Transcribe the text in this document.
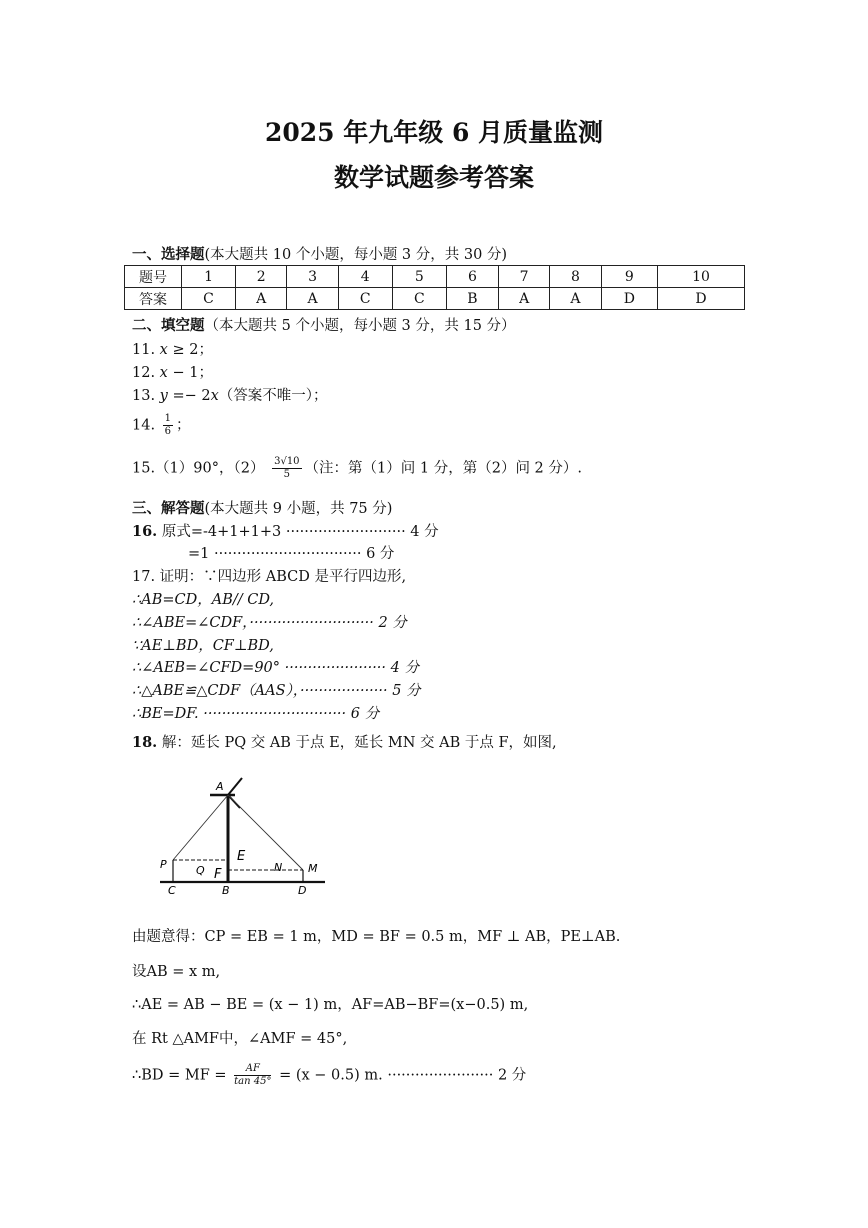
2025 年九年级 6 月质量监测
数学试题参考答案
一、选择题(本大题共 10 个小题，每小题 3 分，共 30 分)
题号	1	2	3	4	5	6	7	8	9	10
答案	C	A	A	C	C	B	A	A	D	D
二、填空题（本大题共 5 个小题，每小题 3 分，共 15 分）
11. 𝑥 ≥ 2；
12. 𝑥 − 1；
13. 𝑦 =− 2𝑥（答案不唯一）；
14. $\frac{1}{6}$ ；
15.（1）90°，$(2) \frac{3√10}{5}$ （注：第（1）问 1 分，第（2）问 2 分）.
三、解答题(本大题共 9 小题，共 75 分)
16. 原式=-4+1+1+3 ·························· 4 分
=1 ································ 6 分
17. 证明：∵四边形 ABCD 是平行四边形,
∴AB=CD，AB// CD,
∴∠ABE=∠CDF，··························· 2 分
∵AE⊥BD，CF⊥BD,
∴∠AEB=∠CFD=90° ······················ 4 分
∴△ABE≌△CDF（AAS），··················· 5 分
∴BE=DF. ······························· 6 分
18. 解：延长 PQ 交 AB 于点 E，延长 MN 交 AB 于点 F，如图,
A
P	Q
E
F	N M
C	B	D
由题意得：CP = EB = 1 m，MD = BF = 0.5 m，MF ⊥ AB，PE⊥AB.
设AB = x m,
∴AE = AB − BE = (x − 1) m，AF=AB−BF=(x−0.5) m,
在 Rt △AMF中，∠AMF = 45°,
∴BD = MF = $\frac{AF}{\tan 45^\circ} = (x - 0.5)$ m. ······················· 2 分
